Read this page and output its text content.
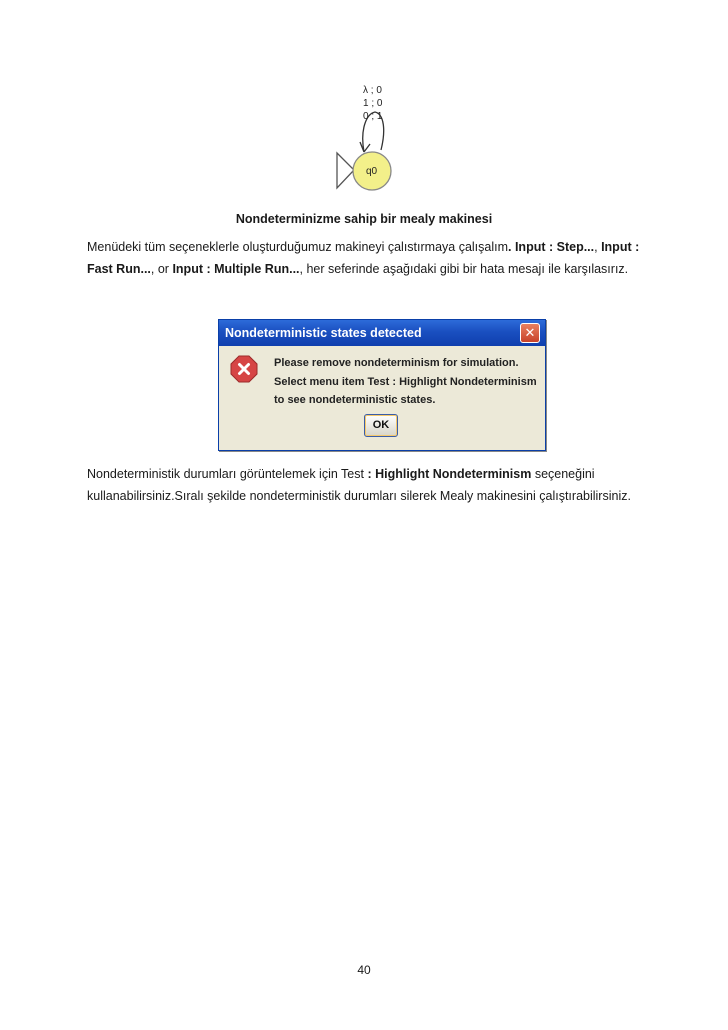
λ ; 0
1 ; 0
0 ; 1
q0
Nondeterminizme sahip bir mealy makinesi

Menüdeki tüm seçeneklerle oluşturduğumuz makineyi çalıstırmaya çalışalım. Input : Step..., Input : Fast Run..., or Input : Multiple Run..., her seferinde aşağıdaki gibi bir hata mesajı ile karşılasırız.

Nondeterministic states detected	✕
Please remove nondeterminism for simulation.
Select menu item Test : Highlight Nondeterminism
to see nondeterministic states.
OK

Nondeterministik durumları görüntelemek için Test : Highlight Nondeterminism seçeneğini kullanabilirsiniz.Sıralı şekilde nondeterministik durumları silerek Mealy makinesini çalıştırabilirsiniz.

40
